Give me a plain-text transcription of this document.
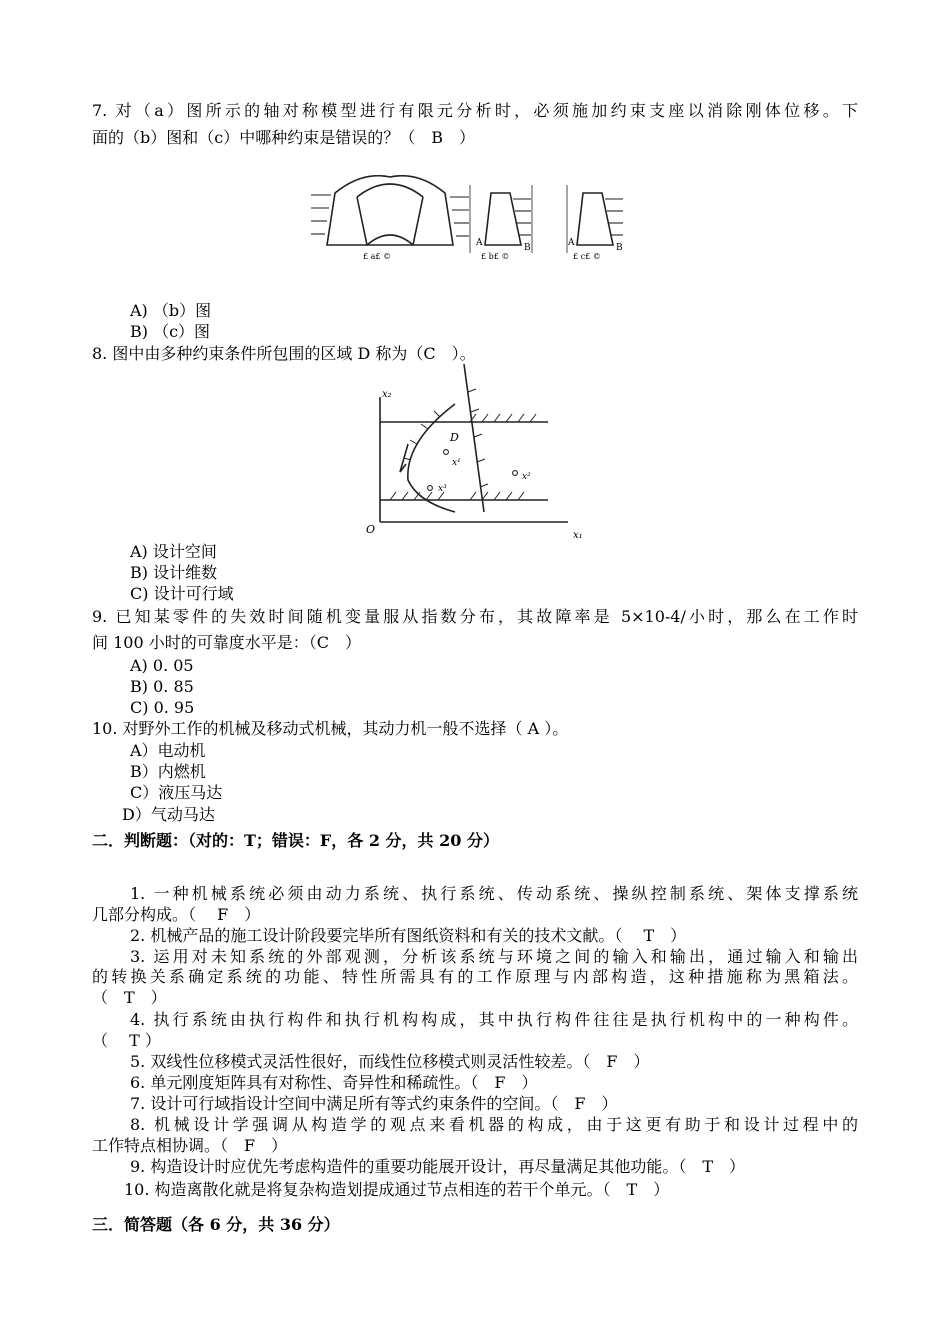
7. 对（a）图所示的轴对称模型进行有限元分析时，必须施加约束支座以消除刚体位移。下
面的（b）图和（c）中哪种约束是错误的？（　B　）
£ a£ ©	£ b£ ©	£ c£ ©
A	B	A	B
A) （b）图
B) （c）图
8. 图中由多种约束条件所包围的区域 D 称为（C　）。
x₂
D
x¹
x²
x³
O	x₁
A) 设计空间
B) 设计维数
C) 设计可行域
9. 已知某零件的失效时间随机变量服从指数分布，其故障率是 5×10-4/小时，那么在工作时
间 100 小时的可靠度水平是：（C　）
A) 0. 05
B) 0. 85
C) 0. 95
10. 对野外工作的机械及移动式机械，其动力机一般不选择（ A ）。
A）电动机
B）内燃机
C）液压马达
D）气动马达
二．判断题：（对的：T；错误：F，各 2 分，共 20 分）
1. 一种机械系统必须由动力系统、执行系统、传动系统、操纵控制系统、架体支撑系统
几部分构成。（　 F　）
2. 机械产品的施工设计阶段要完毕所有图纸资料和有关的技术文献。（　 T　）
3. 运用对未知系统的外部观测，分析该系统与环境之间的输入和输出，通过输入和输出
的转换关系确定系统的功能、特性所需具有的工作原理与内部构造，这种措施称为黑箱法。
（　T　）
4. 执行系统由执行构件和执行机构构成，其中执行构件往往是执行机构中的一种构件。
（　 T ）
5. 双线性位移模式灵活性很好，而线性位移模式则灵活性较差。（　F　）
6. 单元刚度矩阵具有对称性、奇异性和稀疏性。（　F　）
7. 设计可行域指设计空间中满足所有等式约束条件的空间。（　F　）
8. 机械设计学强调从构造学的观点来看机器的构成，由于这更有助于和设计过程中的
工作特点相协调。（　F　）
9. 构造设计时应优先考虑构造件的重要功能展开设计，再尽量满足其他功能。（　T　）
10. 构造离散化就是将复杂构造划提成通过节点相连的若干个单元。（　T　）
三．简答题（各 6 分，共 36 分）
